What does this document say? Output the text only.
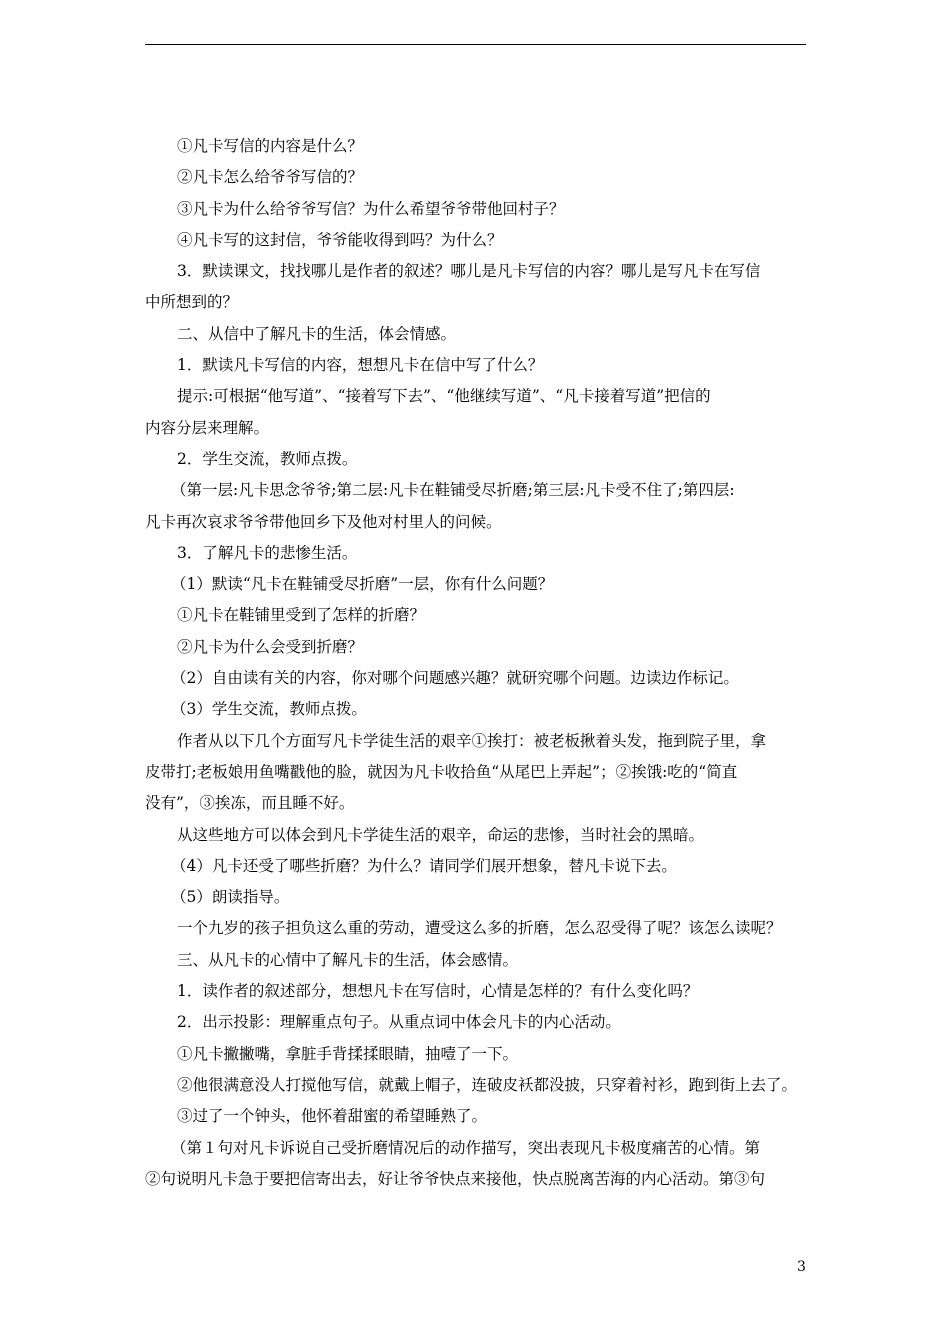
①凡卡写信的内容是什么？
②凡卡怎么给爷爷写信的？
③凡卡为什么给爷爷写信？为什么希望爷爷带他回村子？
④凡卡写的这封信，爷爷能收得到吗？为什么？
3．默读课文，找找哪儿是作者的叙述？哪儿是凡卡写信的内容？哪儿是写凡卡在写信
中所想到的？
二、从信中了解凡卡的生活，体会情感。
1．默读凡卡写信的内容，想想凡卡在信中写了什么？
提示:可根据“他写道”、“接着写下去”、“他继续写道”、“凡卡接着写道”把信的
内容分层来理解。
2．学生交流，教师点拨。
（第一层:凡卡思念爷爷;第二层:凡卡在鞋铺受尽折磨;第三层:凡卡受不住了;第四层:
凡卡再次哀求爷爷带他回乡下及他对村里人的问候。
3．了解凡卡的悲惨生活。
（1）默读“凡卡在鞋铺受尽折磨”一层，你有什么问题？
①凡卡在鞋铺里受到了怎样的折磨？
②凡卡为什么会受到折磨？
（2）自由读有关的内容，你对哪个问题感兴趣？就研究哪个问题。边读边作标记。
（3）学生交流，教师点拨。
作者从以下几个方面写凡卡学徒生活的艰辛①挨打：被老板揪着头发，拖到院子里，拿
皮带打;老板娘用鱼嘴戳他的脸，就因为凡卡收拾鱼“从尾巴上弄起”；②挨饿:吃的“简直
没有”，③挨冻，而且睡不好。
从这些地方可以体会到凡卡学徒生活的艰辛，命运的悲惨，当时社会的黑暗。
（4）凡卡还受了哪些折磨？为什么？请同学们展开想象，替凡卡说下去。
（5）朗读指导。
一个九岁的孩子担负这么重的劳动，遭受这么多的折磨，怎么忍受得了呢？该怎么读呢？
三、从凡卡的心情中了解凡卡的生活，体会感情。
1．读作者的叙述部分，想想凡卡在写信时，心情是怎样的？有什么变化吗？
2．出示投影：理解重点句子。从重点词中体会凡卡的内心活动。
①凡卡撇撇嘴，拿脏手背揉揉眼睛，抽噎了一下。
②他很满意没人打搅他写信，就戴上帽子，连破皮袄都没披，只穿着衬衫，跑到街上去了。
③过了一个钟头，他怀着甜蜜的希望睡熟了。
（第１句对凡卡诉说自己受折磨情况后的动作描写，突出表现凡卡极度痛苦的心情。第
②句说明凡卡急于要把信寄出去，好让爷爷快点来接他，快点脱离苦海的内心活动。第③句
3
